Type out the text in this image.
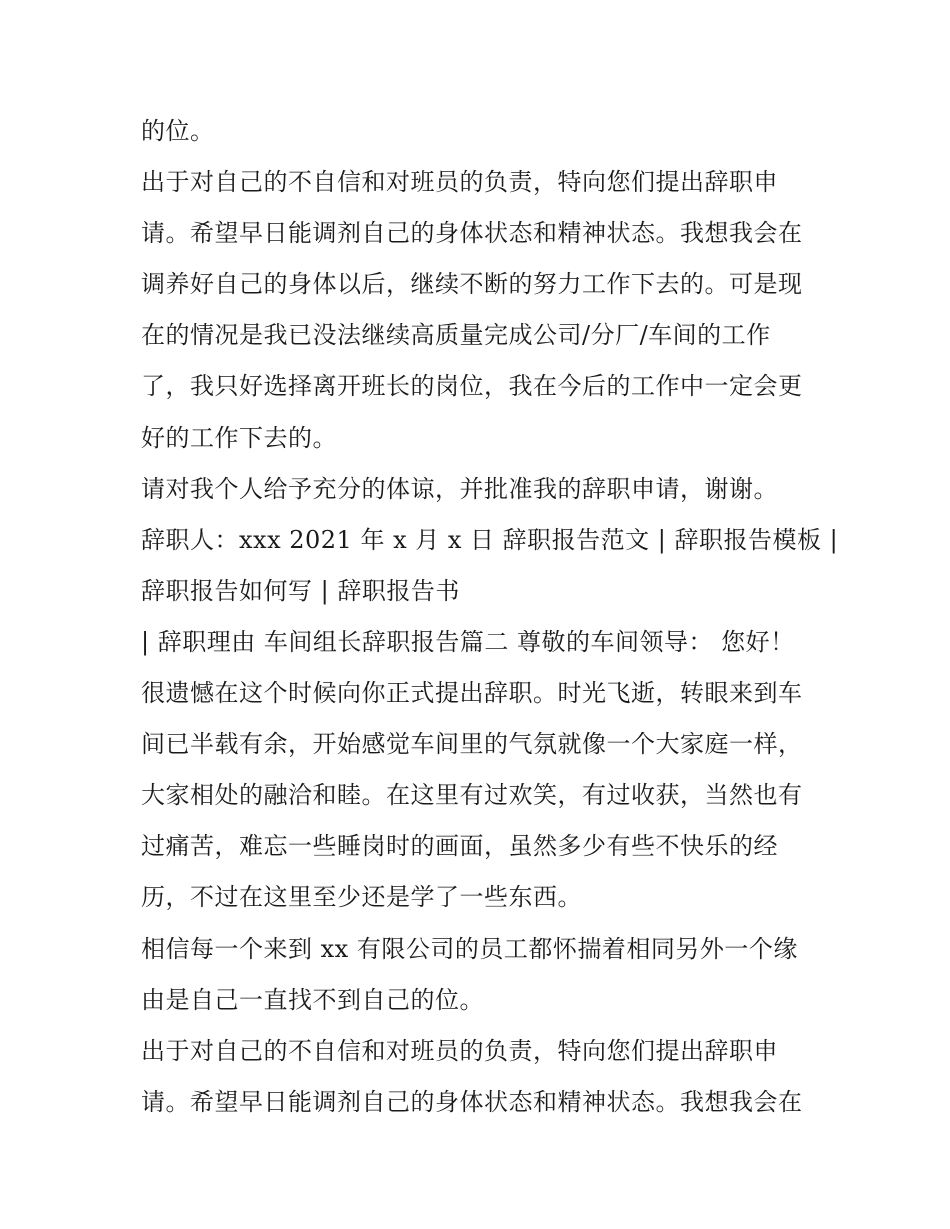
的位。
出于对自己的不自信和对班员的负责，特向您们提出辞职申
请。希望早日能调剂自己的身体状态和精神状态。我想我会在
调养好自己的身体以后，继续不断的努力工作下去的。可是现
在的情况是我已没法继续高质量完成公司/分厂/车间的工作
了，我只好选择离开班长的岗位，我在今后的工作中一定会更
好的工作下去的。
请对我个人给予充分的体谅，并批准我的辞职申请，谢谢。
辞职人：xxx 2021 年 x 月 x 日 辞职报告范文 | 辞职报告模板 |
辞职报告如何写 | 辞职报告书
| 辞职理由 车间组长辞职报告篇二 尊敬的车间领导： 您好！
很遗憾在这个时候向你正式提出辞职。时光飞逝，转眼来到车
间已半载有余，开始感觉车间里的气氛就像一个大家庭一样，
大家相处的融洽和睦。在这里有过欢笑，有过收获，当然也有
过痛苦，难忘一些睡岗时的画面，虽然多少有些不快乐的经
历，不过在这里至少还是学了一些东西。
相信每一个来到 xx 有限公司的员工都怀揣着相同另外一个缘
由是自己一直找不到自己的位。
出于对自己的不自信和对班员的负责，特向您们提出辞职申
请。希望早日能调剂自己的身体状态和精神状态。我想我会在
